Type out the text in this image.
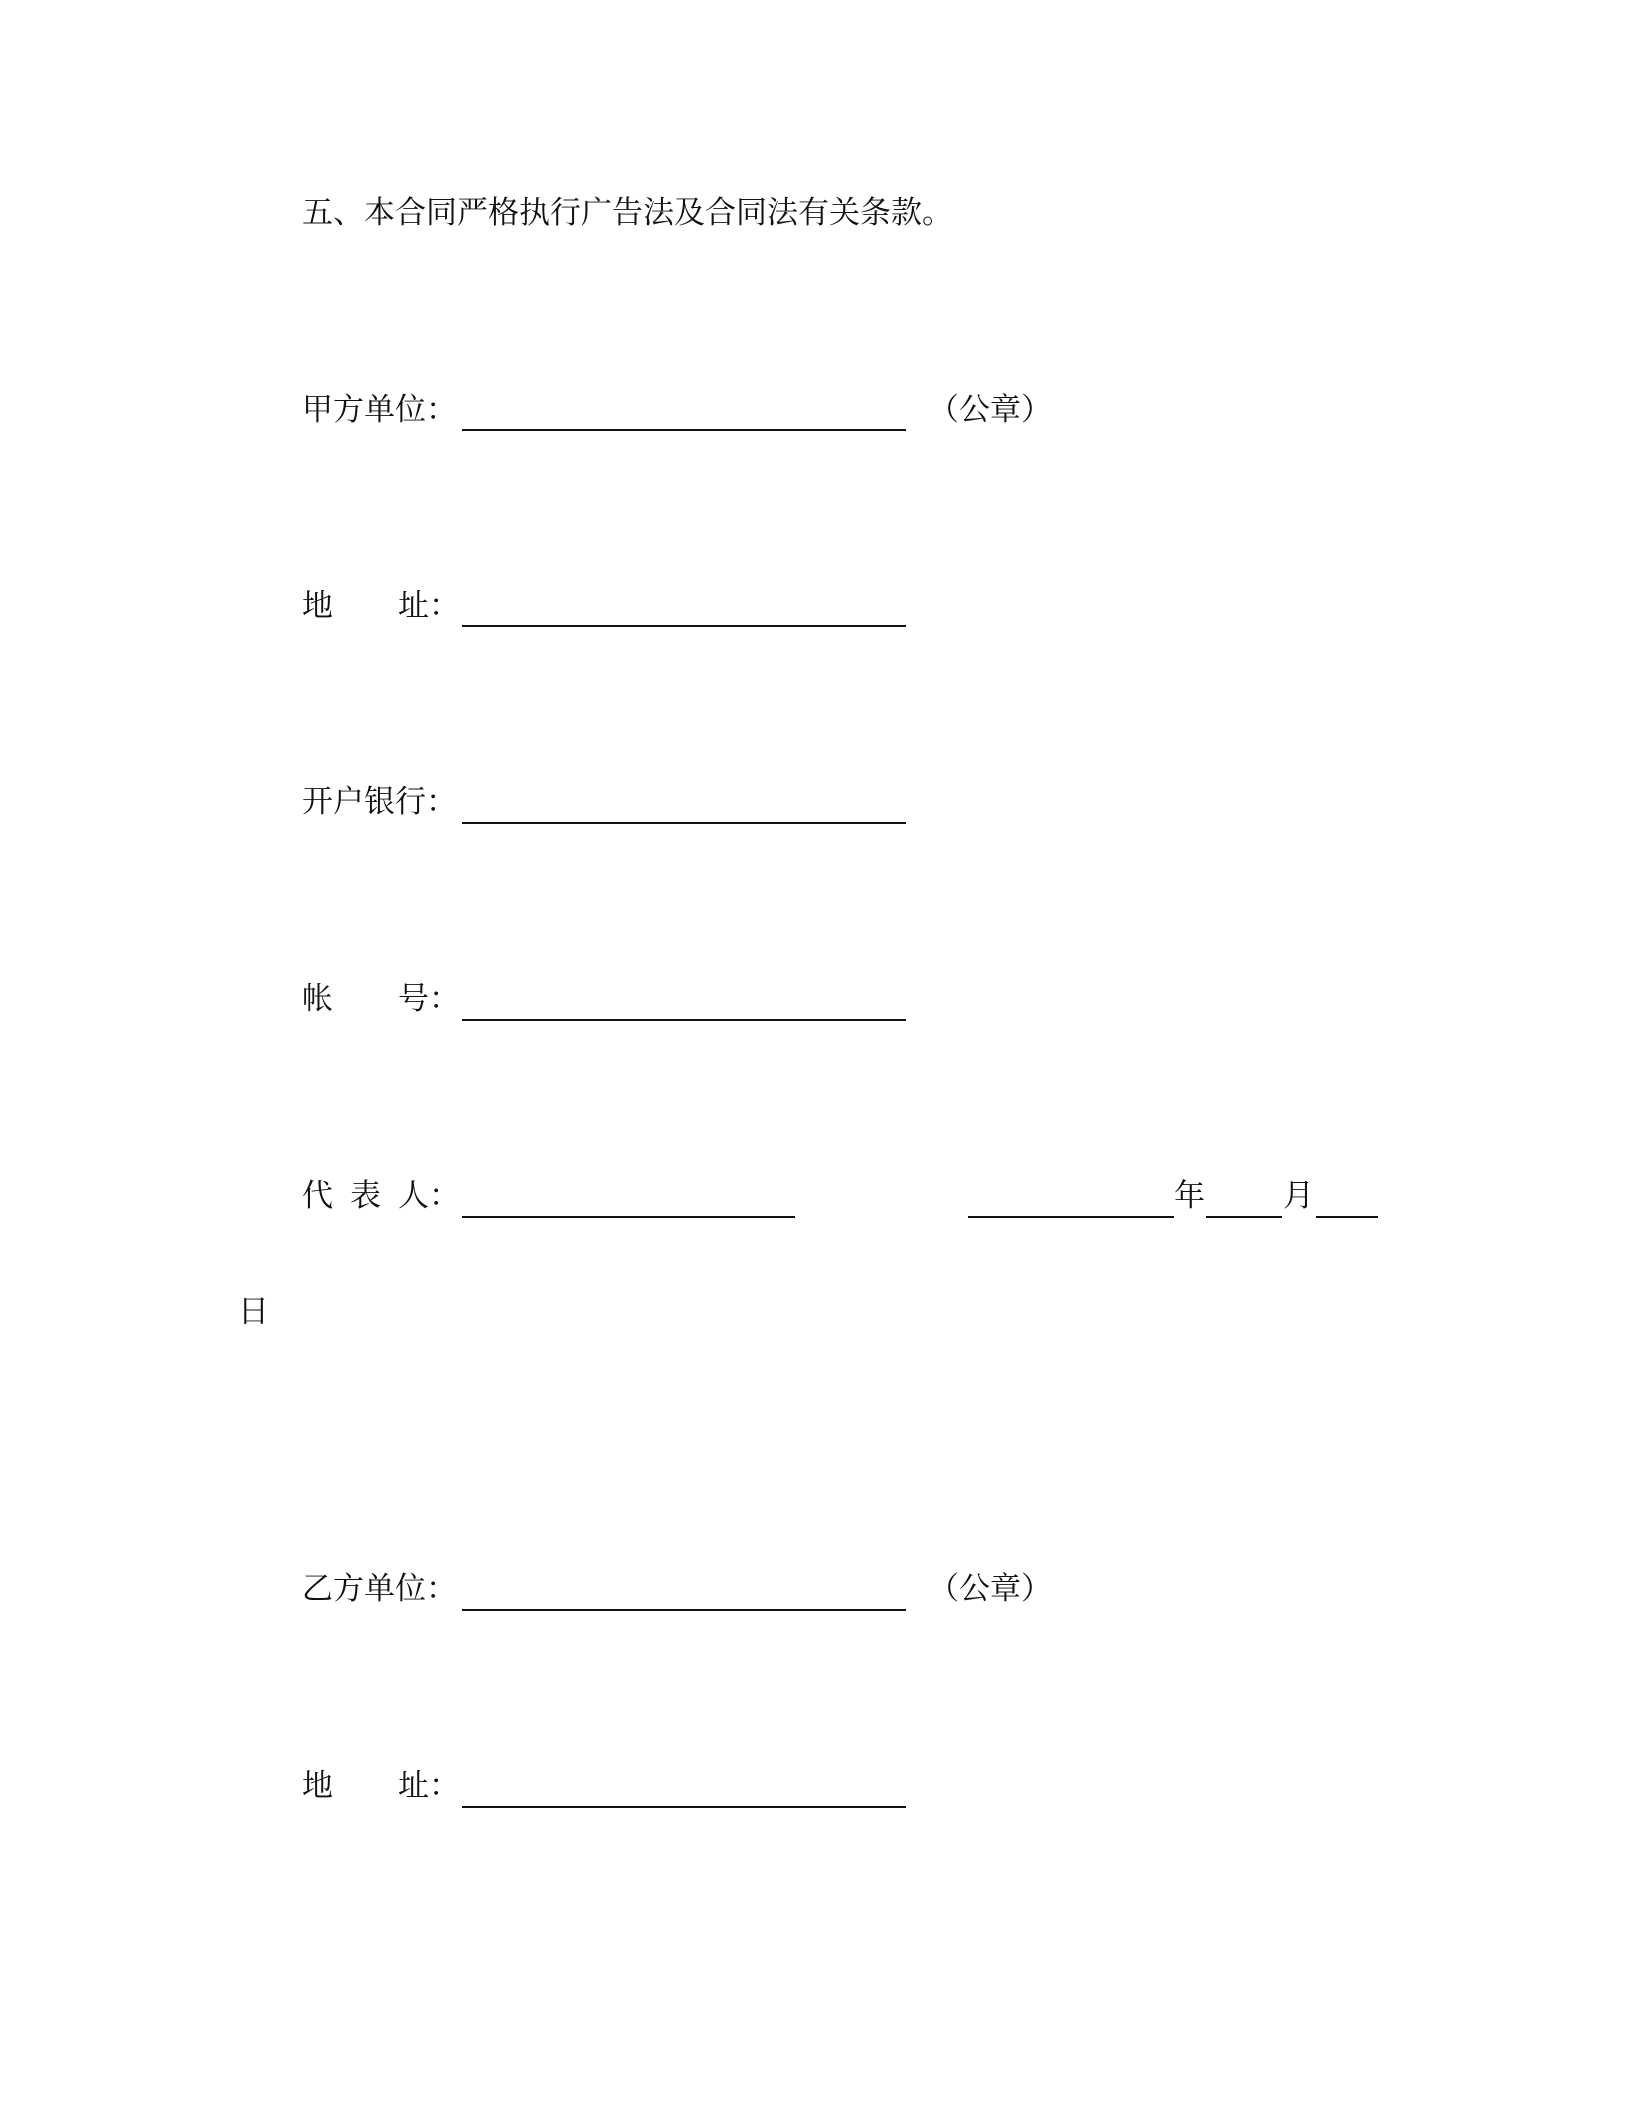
五、本合同严格执行广告法及合同法有关条款。
甲方单位：	（公章）
地 址：
开户银行：
帐 号：
代 表 人：	年	月
日
乙方单位：	（公章）
地 址：
